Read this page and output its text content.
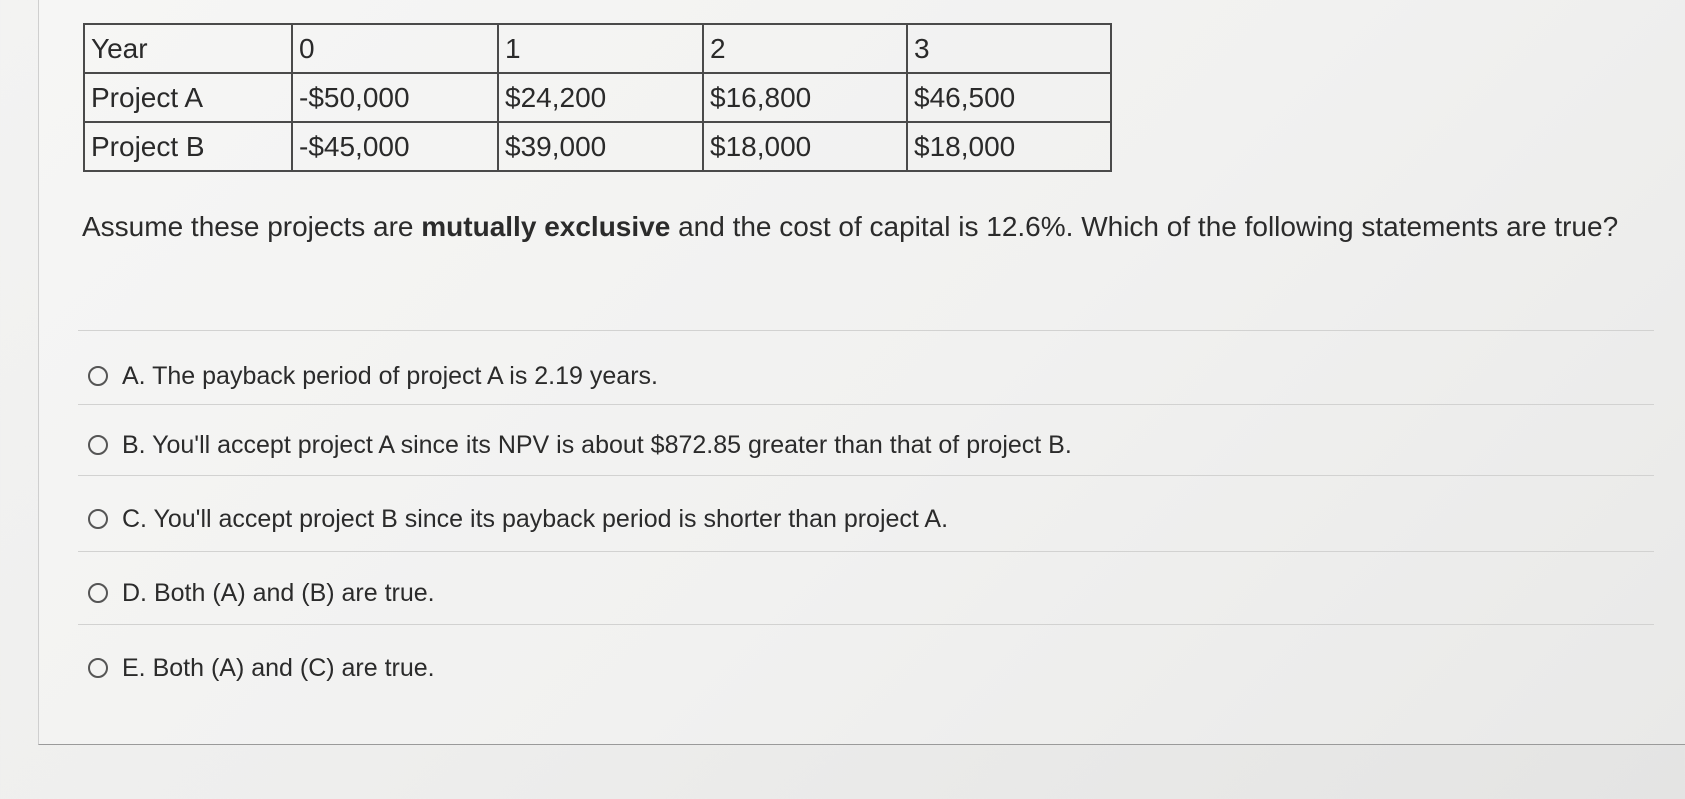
Year	0	1	2	3
Project A	-$50,000	$24,200	$16,800	$46,500
Project B	-$45,000	$39,000	$18,000	$18,000
Assume these projects are mutually exclusive and the cost of capital is 12.6%. Which of the following statements are true?
A. The payback period of project A is 2.19 years.
B. You'll accept project A since its NPV is about $872.85 greater than that of project B.
C. You'll accept project B since its payback period is shorter than project A.
D. Both (A) and (B) are true.
E. Both (A) and (C) are true.
